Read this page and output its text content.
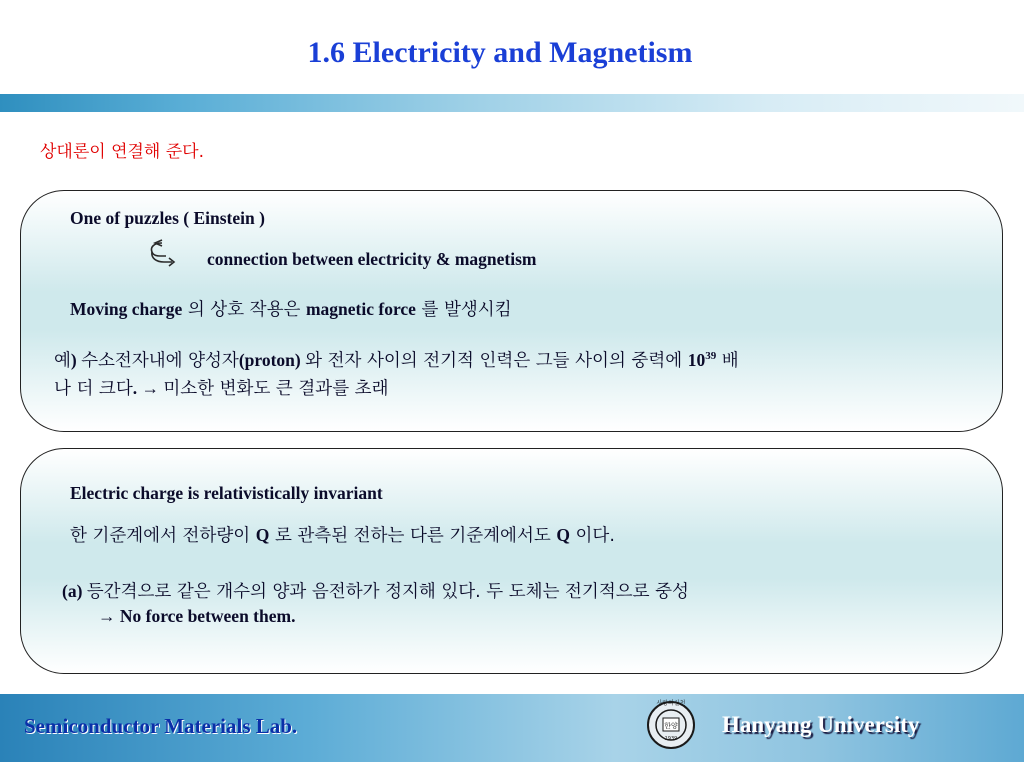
1.6 Electricity and Magnetism
상대론이 연결해 준다.
One of puzzles ( Einstein )
connection between electricity & magnetism
Moving charge 의 상호 작용은 magnetic force 를 발생시킴
예) 수소전자내에 양성자(proton) 와 전자 사이의 전기적 인력은 그들 사이의 중력에 $10^{39}$ 배
나 더 크다. → 미소한 변화도 큰 결과를 초래
Electric charge is relativistically invariant
한 기준계에서 전하량이 Q 로 관측된 전하는 다른 기준계에서도 Q 이다.
(a) 등간격으로 같은 개수의 양과 음전하가 정지해 있다. 두 도체는 전기적으로 중성
→ No force between them.
Semiconductor Materials Lab.
사랑의실천
한양
1939
Hanyang University
